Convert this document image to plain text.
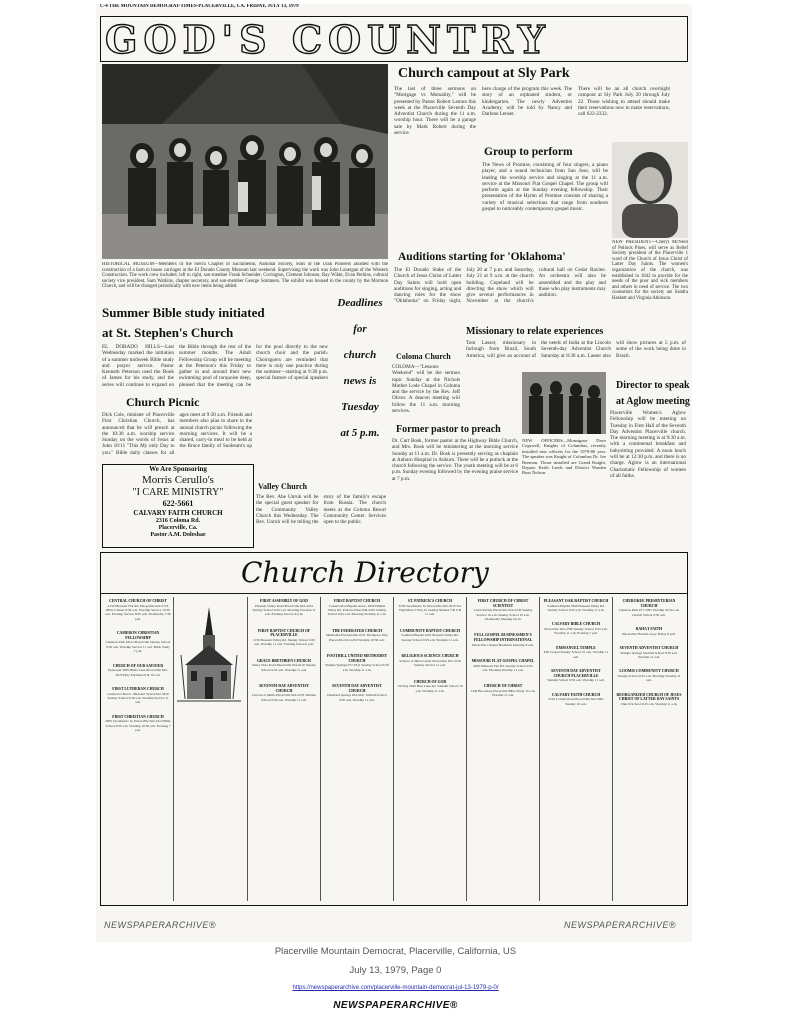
C-4 THE MOUNTAIN DEMOCRAT-TIMES-PLACERVILLE, CA. FRIDAY, JULY 13, 1979
GOD'S COUNTRY
HISTORICAL MUSEUM—Members of the Sierra Chapter of Sacramento, National Society, Sons of the Utah Pioneers assisted with the construction of a barn to house carriages at the El Dorado County Museum last weekend. Supervising the work was John Lonergan of the Western Construction. The work crew included, left to right, son-member Frank Schneider, Covington, Clement Johnson, Ray Wilde, Evan Perkins, cultural society vice president, Sam Watkins, chapter secretary, and son-member George Sommers. The exhibit was housed in the county by the Mormon Church, and will be changed periodically with new items being added.
Church campout at Sly Park
The last of three sermons on "Mortgage vs Mutuality," will be presented by Pastor Robert Lemon this week at the Placerville Seventh Day Adventist Church during the 11 a.m. worship hour. There will be a garage sale by Mark Robert during the service.
here charge of the program this week. The story of an orphaned student, or kindergarten. The newly Adventist Academy, will be told by Nancy and Darlene Lenser.
There will be an all church overnight campout at Sly Park July 20 through July 22. Those wishing to attend should make their reservations now to make reservations, call 622-2332.
Group to perform
The News of Promise, consisting of four singers, a piano player, and a sound technician from San Jose, will be leading the worship service and singing at the 11 a.m. service at the Missouri Flat Gospel Chapel. The group will perform again at the Sunday evening fellowship. Their presentation of the Hymn of Promise consists of sharing a variety of musical selections that range from southern gospel to noticeably contemporary gospel music.
NEW PRESIDENT—Cheryl McNeill of Pollock Pines, will serve as Relief Society president of the Placerville 1 ward of the Church of Jesus Christ of Latter Day Saints. The women's organization of the church, was established in 1842 to provide for the needs of the poor and sick members and others in need of service. The two counselors for the society are Sandra Haskett and Virginia Atkinson.
Auditions starting for 'Oklahoma'
The El Dorado Stake of the Church of Jesus Christ of Latter Day Saints will hold open auditions for singing, acting and dancing roles for the show "Oklahoma" on Friday night, July 20 at 7 p.m. and Saturday, July 21 at 9 a.m. at the church building. Copeland will be directing the show which will give several performances in November at the church's cultural hall on Cedar Ravine. An orchestra will also be assembled and the play and those who play instruments may audition.
Summer Bible study initiated
at St. Stephen's Church
EL DORADO HILLS—Last Wednesday marked the initiation of a summer midweek Bible study and prayer service. Pastor Kenneth Peterson used the Book of James for his study, and the series will continue to expand on the Bible through the rest of the summer months. The Adult Fellowship Group will be meeting at the Peterson's this Friday to gather in and around their new swimming pool of turquoise deep, pleased that the meeting can be for the pool directly to the new church choir and the parish. Choirsgoers are reminded that there is only one practice during the summer—starting at 9:30 p.m. special feature of special speakers
Deadlines
for
church
news is
Tuesday
at 5 p.m.
Church Picnic
Dick Cole, minister of Placerville First Christian Church, has announced that he will preach at the 10:30 a.m. worship service Sunday on the words of Jesus at John 10:11 "This My only Day to you." Bible daily classes for all ages meet at 9:30 a.m. Friends and members also plan to share in the annual church picnic following the morning services. It will be a shared, carry-in meal to be held at the Bruce family of Sunbeam's up
We Are Sponsoring
Morris Cerullo's
"I CARE MINISTRY"
622-5661
CALVARY FAITH CHURCH
2316 Coloma Rd.
Placerville, Ca.
Pastor A.M. Doleshae
Valley Church
The Rev. Abe Unruh will be the special guest speaker for the Community Valley Church this Wednesday. The Rev. Unruh will be telling the story of the family's escape from Russia. The church meets at the Coloma Resort Community Center. Services open to the public.
Coloma Church
COLOMA—"Lessons Weekend" will be the sermon topic Sunday at the Nichols Mother Lode Chapel in Coloma and the service by the Rev. Jeff Oliver. A deacon meeting will follow the 11 a.m. morning services.
Missionary to relate experiences
Tom Lasser, missionary in furlough from Brazil, South America, will give an account of the needs of India at the Lincoln Seventh-day Adventist Church Saturday at 8:30 a.m. Lasser also will show pictures at 5 p.m. of some of the work being done in Brazil.
Former pastor to preach
Dr. Curt Bosk, former pastor at the Highway Bible Church, and Mrs. Bosk will be ministering at the morning service Sunday at 11 a.m. Dr. Bosk is presently serving as chaplain at Auburn Hospital in Auburn. There will be a potluck at the church following the service. The youth meeting will be at 6 p.m. Sunday evening followed by the evening praise service at 7 p.m.
NEW OFFICERS—Monsignor Dave Cogswell, Knights of Columbus, recently installed new officers for the 1979-80 year. The speaker was Knight of Columbus Dr. Joe Beemon. Those installed are Grand Knight, Deputy Keith Leeds and District Warden Russ Nelson.
Director to speak
at Aglow meeting
Placerville Women's Aglow Fellowship will be meeting on Tuesday in First Hall of the Seventh Day Adventist Placerville church. The morning meeting is at 9:30 a.m. with a continental breakfast and babysitting provided. A noon lunch will be at 12:30 p.m. and there is no charge. Aglow is an international Charismatic Fellowship of women of all faiths.
Church Directory
CENTRAL CHURCH OF CHRIST
2150 Missouri Flat Rd. Placerville 622-5716 Bible Classes 9:30 a.m. Worship Service 10:30 a.m. Evening Service 6:00 p.m. Wednesday 7:30 p.m.
CAMERON CHRISTIAN FELLOWSHIP
Cameron Park Drive Placerville Sunday School 9:30 a.m. Worship Service 11 a.m. Bible Study 7 p.m.
CHURCH OF OUR SAVIOUR
Episcopal 3095 Blairs Lane Placerville 622-4070 Holy Eucharist 8 & 10 a.m.
FIRST LUTHERAN CHURCH
Lutheran Church - Missouri Synod 622-3450 Sunday School 9:30 a.m. Worship Service 11 a.m.
FIRST CHRISTIAN CHURCH
2005 Sacramento St. Placerville 622-2414 Bible School 9:30 a.m. Worship 10:30 a.m. Evening 7 p.m.
FIRST ASSEMBLY OF GOD
Pleasant Valley Road Placerville 622-4474 Sunday School 9:45 a.m. Morning Worship 11 a.m. Evening Service 6 p.m.
FIRST BAPTIST CHURCH OF PLACERVILLE
1150 Pleasant Valley Rd. Sunday School 9:45 a.m. Worship 11 a.m. Training Union 6 p.m.
GRACE BRETHREN CHURCH
Sierra Vista Road Placerville 622-6110 Sunday School 9:45 a.m. Worship 11 a.m.
SEVENTH-DAY ADVENTIST CHURCH
Lincoln at Smith Placerville 622-0233 Sabbath School 9:30 a.m. Worship 11 a.m.
FIRST BAPTIST CHURCH
Conservative Baptist Assoc. 2835 Hidden Valley Rd. Pollock Pines 644-2291 Sunday School 9:45 a.m. Morning Worship 11 a.m.
THE FEDERATED CHURCH
Methodist-Presbyterian 1031 Thompson Way Placerville 622-1450 Worship 10:30 a.m.
FOOTHILL UNITED METHODIST CHURCH
Shingle Springs 677-0311 Sunday School 9:30 a.m. Worship 11 a.m.
SEVENTH DAY ADVENTIST CHURCH
Diamond Springs 622-0411 Sabbath School 9:30 a.m. Worship 11 a.m.
ST. PATRICK'S CHURCH
3109 Sacramento St. Placerville 622-4015 Sat. Vigil Mass 5:30 p.m. Sunday Masses 7 & 9 & 11 a.m.
COMMUNITY BAPTIST CHURCH
Southern Baptist 4101 Pleasant Valley Rd. Sunday School 9:45 a.m. Worship 11 a.m.
RELIGIOUS SCIENCE CHURCH
Science of Mind Center Placerville 622-3319 Sunday Service 11 a.m.
CHURCH OF GOD
7th Day 2620 Bass Lake Rd. Sabbath School 10 a.m. Worship 11 a.m.
FIRST CHURCH OF CHRIST SCIENTIST
Cedar Ravine Placerville 622-6130 Sunday Service 10 a.m. Sunday School 10 a.m. Wednesday Meeting 8 p.m.
FULL GOSPEL BUSINESSMEN'S FELLOWSHIP INTERNATIONAL
Placerville Chapter Breakfast Saturday 8 a.m.
MISSOURI FLAT GOSPEL CHAPEL
4050 Missouri Flat Rd. Sunday School 9:45 a.m. Morning Worship 11 a.m.
CHURCH OF CHRIST
1340 Broadway Placerville Bible Study 10 a.m. Worship 11 a.m.
PLEASANT OAK BAPTIST CHURCH
Southern Baptist 5560 Pleasant Valley Rd. Sunday School 9:45 a.m. Worship 11 a.m.
CALVARY BIBLE CHURCH
Placerville 622-2790 Sunday School 9:45 a.m. Worship 11 a.m. Evening 7 p.m.
EMMANUEL TEMPLE
Full Gospel Sunday School 10 a.m. Worship 11 a.m.
SEVENTH DAY ADVENTIST CHURCH PLACERVILLE
Sabbath School 9:30 a.m. Worship 11 a.m.
CALVARY FAITH CHURCH
2316 Coloma Road Placerville 622-5661 Sunday 10 a.m.
CHEROKEE PRESBYTERIAN CHURCH
Cameron Park 677-1005 Worship 10:30 a.m. Church School 9:30 a.m.
BAHA'I FAITH
Placerville Fireside every Friday 8 p.m.
SEVENTH ADVENTIST CHURCH
Shingle Springs Sabbath School 9:30 a.m. Worship 11 a.m.
LOOMIS COMMUNITY CHURCH
Sunday School 9:45 a.m. Morning Worship 11 a.m.
REORGANIZED CHURCH OF JESUS CHRIST OF LATTER DAY SAINTS
Church School 9:45 a.m. Worship 11 a.m.
NEWSPAPERARCHIVE®	NEWSPAPERARCHIVE®
Placerville Mountain Democrat, Placerville, California, US
July 13, 1979, Page 0
https://newspaperarchive.com/placerville-mountain-democrat-jul-13-1979-p-0/
NEWSPAPERARCHIVE®
